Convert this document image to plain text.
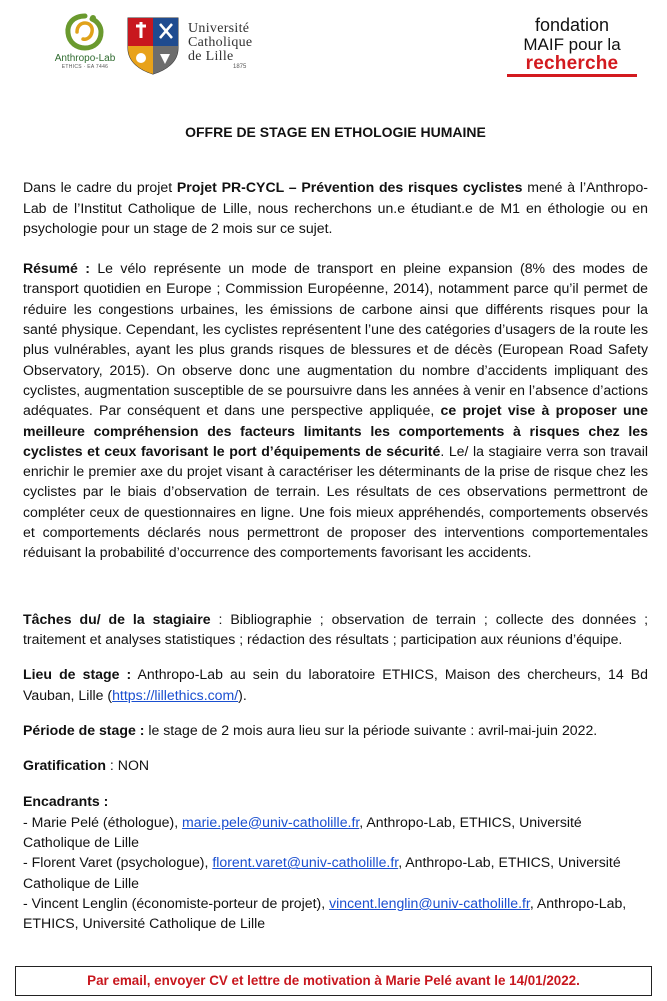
Anthropo-Lab
ETHICS · EA 7446
Université
Catholique
de Lille
1875
fondation
MAIF pour la
recherche
OFFRE DE STAGE EN ETHOLOGIE HUMAINE

Dans le cadre du projet Projet PR-CYCL – Prévention des risques cyclistes mené à l’Anthropo-Lab de l’Institut Catholique de Lille, nous recherchons un.e étudiant.e de M1 en éthologie ou en psychologie pour un stage de 2 mois sur ce sujet.

Résumé : Le vélo représente un mode de transport en pleine expansion (8% des modes de transport quotidien en Europe ; Commission Européenne, 2014), notamment parce qu’il permet de réduire les congestions urbaines, les émissions de carbone ainsi que différents risques pour la santé physique. Cependant, les cyclistes représentent l’une des catégories d’usagers de la route les plus vulnérables, ayant les plus grands risques de blessures et de décès (European Road Safety Observatory, 2015). On observe donc une augmentation du nombre d’accidents impliquant des cyclistes, augmentation susceptible de se poursuivre dans les années à venir en l’absence d’actions adéquates. Par conséquent et dans une perspective appliquée, ce projet vise à proposer une meilleure compréhension des facteurs limitants les comportements à risques chez les cyclistes et ceux favorisant le port d’équipements de sécurité. Le/ la stagiaire verra son travail enrichir le premier axe du projet visant à caractériser les déterminants de la prise de risque chez les cyclistes par le biais d’observation de terrain. Les résultats de ces observations permettront de compléter ceux de questionnaires en ligne. Une fois mieux appréhendés, comportements observés et comportements déclarés nous permettront de proposer des interventions comportementales réduisant la probabilité d’occurrence des comportements favorisant les accidents.

Tâches du/ de la stagiaire : Bibliographie ; observation de terrain ; collecte des données ; traitement et analyses statistiques ; rédaction des résultats ; participation aux réunions d’équipe.

Lieu de stage : Anthropo-Lab au sein du laboratoire ETHICS, Maison des chercheurs, 14 Bd Vauban, Lille (https://lillethics.com/).

Période de stage : le stage de 2 mois aura lieu sur la période suivante : avril-mai-juin 2022.

Gratification : NON

Encadrants :
- Marie Pelé (éthologue), marie.pele@univ-catholille.fr, Anthropo-Lab, ETHICS, Université Catholique de Lille
- Florent Varet (psychologue), florent.varet@univ-catholille.fr, Anthropo-Lab, ETHICS, Université Catholique de Lille
- Vincent Lenglin (économiste-porteur de projet), vincent.lenglin@univ-catholille.fr, Anthropo-Lab, ETHICS, Université Catholique de Lille
Par email, envoyer CV et lettre de motivation à Marie Pelé avant le 14/01/2022.
